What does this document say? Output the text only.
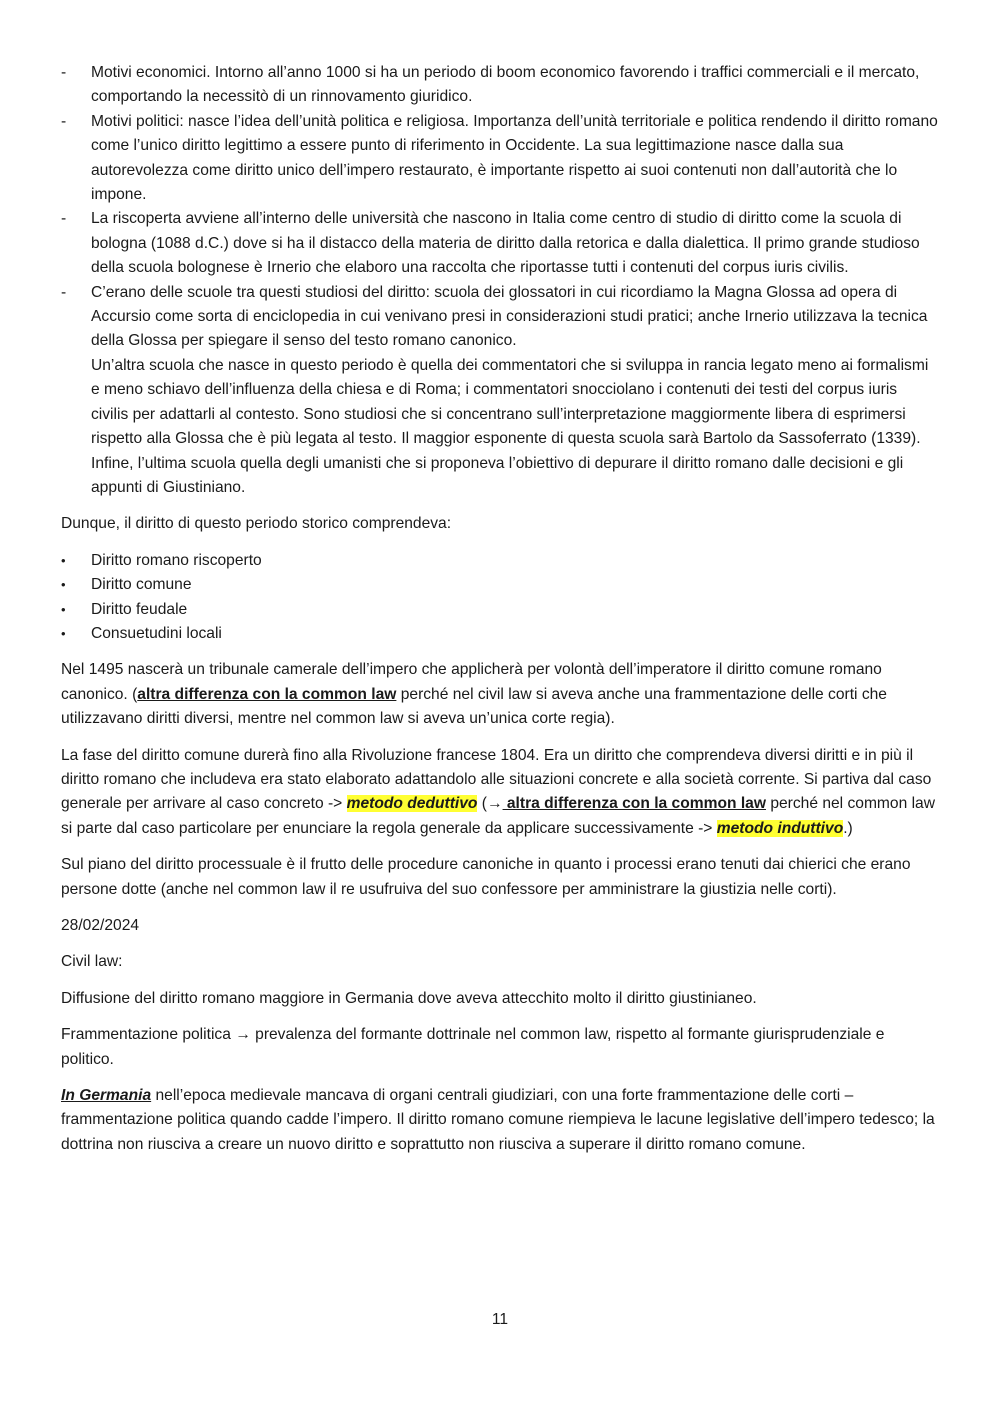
- Motivi economici. Intorno all’anno 1000 si ha un periodo di boom economico favorendo i traffici commerciali e il mercato, comportando la necessitò di un rinnovamento giuridico.
- Motivi politici: nasce l’idea dell’unità politica e religiosa. Importanza dell’unità territoriale e politica rendendo il diritto romano come l’unico diritto legittimo a essere punto di riferimento in Occidente. La sua legittimazione nasce dalla sua autorevolezza come diritto unico dell’impero restaurato, è importante rispetto ai suoi contenuti non dall’autorità che lo impone.
- La riscoperta avviene all’interno delle università che nascono in Italia come centro di studio di diritto come la scuola di bologna (1088 d.C.) dove si ha il distacco della materia de diritto dalla retorica e dalla dialettica. Il primo grande studioso della scuola bolognese è Irnerio che elaboro una raccolta che riportasse tutti i contenuti del corpus iuris civilis.
- C’erano delle scuole tra questi studiosi del diritto: scuola dei glossatori in cui ricordiamo la Magna Glossa ad opera di Accursio come sorta di enciclopedia in cui venivano presi in considerazioni studi pratici; anche Irnerio utilizzava la tecnica della Glossa per spiegare il senso del testo romano canonico.
Un’altra scuola che nasce in questo periodo è quella dei commentatori che si sviluppa in rancia legato meno ai formalismi e meno schiavo dell’influenza della chiesa e di Roma; i commentatori snocciolano i contenuti dei testi del corpus iuris civilis per adattarli al contesto. Sono studiosi che si concentrano sull’interpretazione maggiormente libera di esprimersi rispetto alla Glossa che è più legata al testo. Il maggior esponente di questa scuola sarà Bartolo da Sassoferrato (1339).
Infine, l’ultima scuola quella degli umanisti che si proponeva l’obiettivo di depurare il diritto romano dalle decisioni e gli appunti di Giustiniano.

Dunque, il diritto di questo periodo storico comprendeva:

• Diritto romano riscoperto
• Diritto comune
• Diritto feudale
• Consuetudini locali

Nel 1495 nascerà un tribunale camerale dell’impero che applicherà per volontà dell’imperatore il diritto comune romano canonico. (altra differenza con la common law perché nel civil law si aveva anche una frammentazione delle corti che utilizzavano diritti diversi, mentre nel common law si aveva un’unica corte regia).

La fase del diritto comune durerà fino alla Rivoluzione francese 1804. Era un diritto che comprendeva diversi diritti e in più il diritto romano che includeva era stato elaborato adattandolo alle situazioni concrete e alla società corrente. Si partiva dal caso generale per arrivare al caso concreto -> metodo deduttivo (→ altra differenza con la common law perché nel common law si parte dal caso particolare per enunciare la regola generale da applicare successivamente -> metodo induttivo.)

Sul piano del diritto processuale è il frutto delle procedure canoniche in quanto i processi erano tenuti dai chierici che erano persone dotte (anche nel common law il re usufruiva del suo confessore per amministrare la giustizia nelle corti).

28/02/2024

Civil law:

Diffusione del diritto romano maggiore in Germania dove aveva attecchito molto il diritto giustinianeo.

Frammentazione politica → prevalenza del formante dottrinale nel common law, rispetto al formante giurisprudenziale e politico.

In Germania nell’epoca medievale mancava di organi centrali giudiziari, con una forte frammentazione delle corti – frammentazione politica quando cadde l’impero. Il diritto romano comune riempieva le lacune legislative dell’impero tedesco; la dottrina non riusciva a creare un nuovo diritto e soprattutto non riusciva a superare il diritto romano comune.

11
